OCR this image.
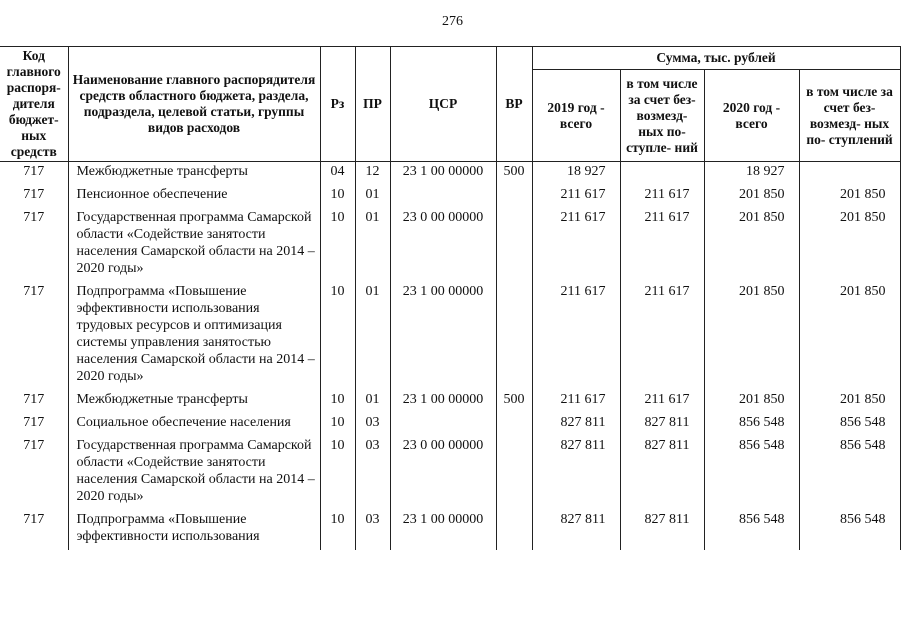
276
Код главного распоря- дителя бюджет- ных средств	Наименование главного распорядителя средств областного бюджета, раздела, подраздела, целевой статьи, группы видов расходов	Рз	ПР	ЦСР	ВР	Сумма, тыс. рублей			
						2019 год - всего	в том числе за счет без- возмезд- ных по- ступле- ний	2020 год - всего	в том числе за счет без- возмезд- ных по- ступлений
717	Межбюджетные трансферты	04	12	23 1 00 00000	500	18 927		18 927	
717	Пенсионное обеспечение	10	01			211 617	211 617	201 850	201 850
717	Государственная программа Самарской области «Содействие занятости населения Самарской области на 2014 – 2020 годы»	10	01	23 0 00 00000		211 617	211 617	201 850	201 850
717	Подпрограмма «Повышение эффективности использования трудовых ресурсов и оптимизация системы управления занятостью населения Самарской области на 2014 – 2020 годы»	10	01	23 1 00 00000		211 617	211 617	201 850	201 850
717	Межбюджетные трансферты	10	01	23 1 00 00000	500	211 617	211 617	201 850	201 850
717	Социальное обеспечение населения	10	03			827 811	827 811	856 548	856 548
717	Государственная программа Самарской области «Содействие занятости населения Самарской области на 2014 – 2020 годы»	10	03	23 0 00 00000		827 811	827 811	856 548	856 548
717	Подпрограмма «Повышение эффективности использования	10	03	23 1 00 00000		827 811	827 811	856 548	856 548
